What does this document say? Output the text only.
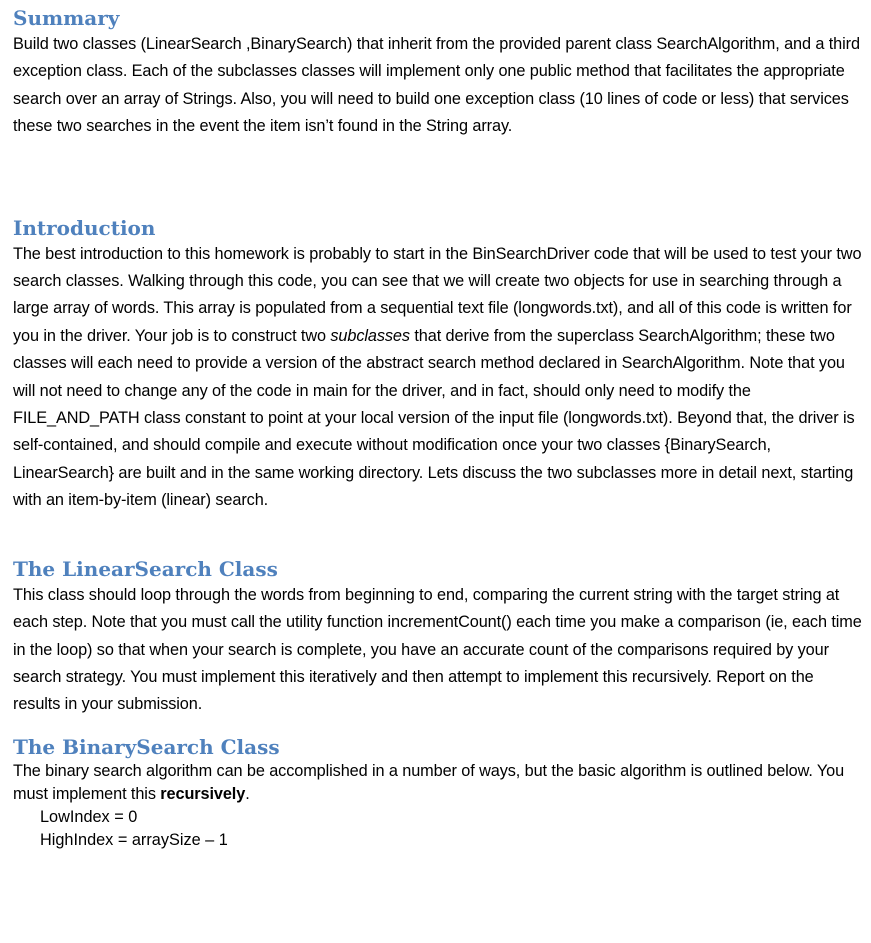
Summary

Build two classes (LinearSearch ,BinarySearch) that inherit from the provided parent class SearchAlgorithm, and a third exception class. Each of the subclasses classes will implement only one public method that facilitates the appropriate search over an array of Strings. Also, you will need to build one exception class (10 lines of code or less) that services these two searches in the event the item isn’t found in the String array.

Introduction

The best introduction to this homework is probably to start in the BinSearchDriver code that will be used to test your two search classes. Walking through this code, you can see that we will create two objects for use in searching through a large array of words. This array is populated from a sequential text file (longwords.txt), and all of this code is written for you in the driver. Your job is to construct two subclasses that derive from the superclass SearchAlgorithm; these two classes will each need to provide a version of the abstract search method declared in SearchAlgorithm. Note that you will not need to change any of the code in main for the driver, and in fact, should only need to modify the FILE_AND_PATH class constant to point at your local version of the input file (longwords.txt). Beyond that, the driver is self-contained, and should compile and execute without modification once your two classes {BinarySearch, LinearSearch} are built and in the same working directory. Lets discuss the two subclasses more in detail next, starting with an item-by-item (linear) search.

The LinearSearch Class

This class should loop through the words from beginning to end, comparing the current string with the target string at each step. Note that you must call the utility function incrementCount() each time you make a comparison (ie, each time in the loop) so that when your search is complete, you have an accurate count of the comparisons required by your search strategy. You must implement this iteratively and then attempt to implement this recursively. Report on the results in your submission.

The BinarySearch Class

The binary search algorithm can be accomplished in a number of ways, but the basic algorithm is outlined below. You must implement this recursively.

LowIndex = 0
HighIndex = arraySize – 1
